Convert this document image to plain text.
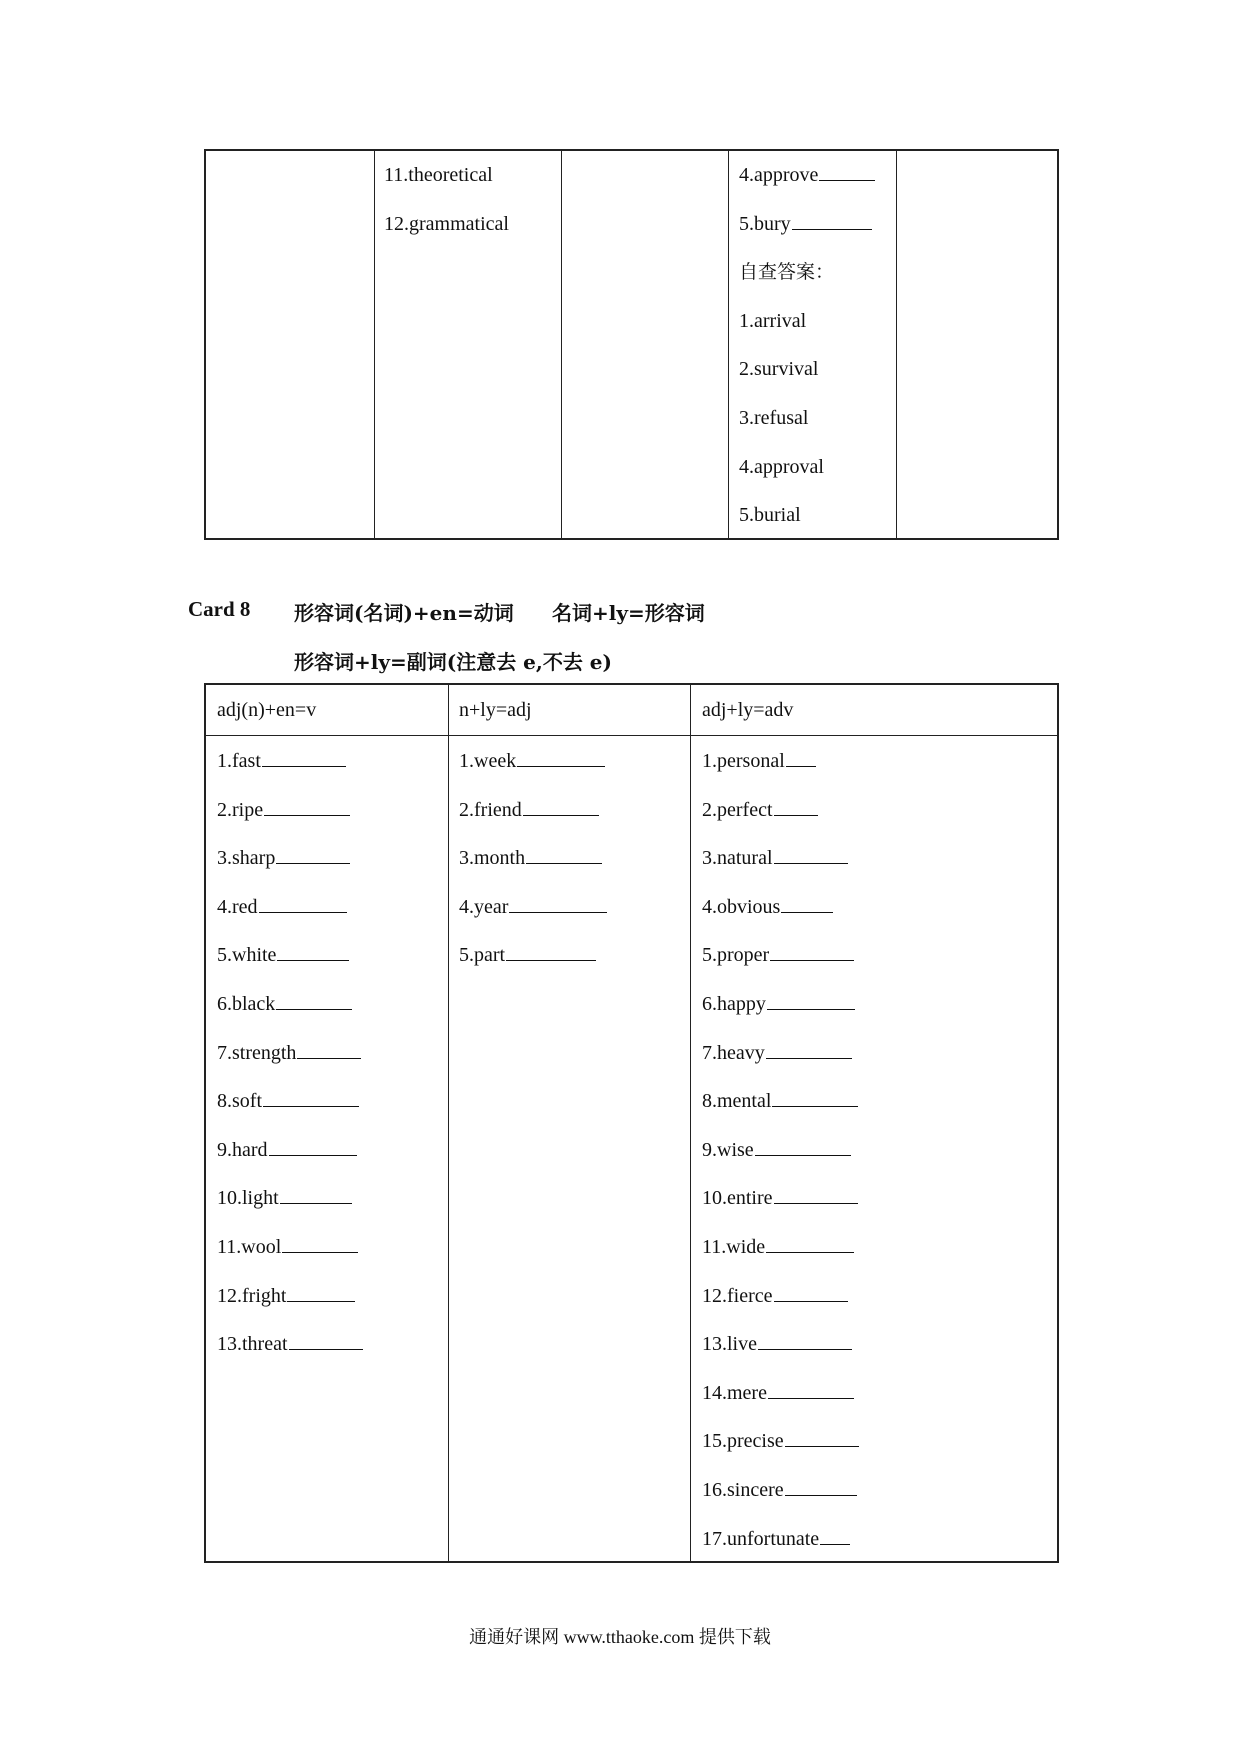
11.theoretical
12.grammatical
4.approve
5.bury
自查答案：
1.arrival
2.survival
3.refusal
4.approval
5.burial
Card 8 形容词(名词)+en=动词 名词+ly=形容词
形容词+ly=副词(注意去 e,不去 e)
adj(n)+en=v	n+ly=adj	adj+ly=adv
1.fast
2.ripe
3.sharp
4.red
5.white
6.black
7.strength
8.soft
9.hard
10.light
11.wool
12.fright
13.threat
1.week
2.friend
3.month
4.year
5.part
1.personal
2.perfect
3.natural
4.obvious
5.proper
6.happy
7.heavy
8.mental
9.wise
10.entire
11.wide
12.fierce
13.live
14.mere
15.precise
16.sincere
17.unfortunate
通通好课网 www.tthaoke.com 提供下载
